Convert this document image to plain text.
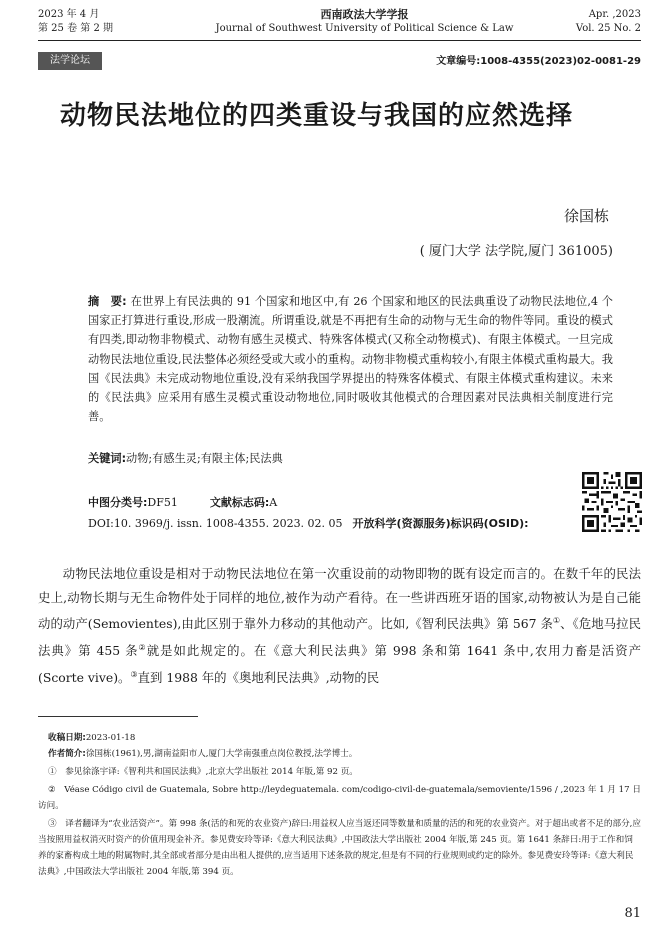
2023 年 4 月
第 25 卷 第 2 期
西南政法大学学报
Journal of Southwest University of Political Science & Law
Apr. ,2023
Vol. 25 No. 2
法学论坛	文章编号:1008-4355(2023)02-0081-29
动物民法地位的四类重设与我国的应然选择
徐国栋
( 厦门大学 法学院,厦门 361005)
摘　要: 在世界上有民法典的 91 个国家和地区中,有 26 个国家和地区的民法典重设了动物民法地位,4 个国家正打算进行重设,形成一股潮流。所谓重设,就是不再把有生命的动物与无生命的物件等同。重设的模式有四类,即动物非物模式、动物有感生灵模式、特殊客体模式(又称全动物模式)、有限主体模式。一旦完成动物民法地位重设,民法整体必须经受或大或小的重构。动物非物模式重构较小,有限主体模式重构最大。我国《民法典》未完成动物地位重设,没有采纳我国学界提出的特殊客体模式、有限主体模式重构建议。未来的《民法典》应采用有感生灵模式重设动物地位,同时吸收其他模式的合理因素对民法典相关制度进行完善。
关键词:动物;有感生灵;有限主体;民法典
中图分类号:DF51	文献标志码:A
DOI:10. 3969/j. issn. 1008-4355. 2023. 02. 05 开放科学(资源服务)标识码(OSID):
动物民法地位重设是相对于动物民法地位在第一次重设前的动物即物的既有设定而言的。在数千年的民法史上,动物长期与无生命物件处于同样的地位,被作为动产看待。在一些讲西班牙语的国家,动物被认为是自己能动的动产(Semovientes),由此区别于靠外力移动的其他动产。比如,《智利民法典》第 567 条①、《危地马拉民法典》第 455 条②就是如此规定的。在《意大利民法典》第 998 条和第 1641 条中,农用力畜是活资产(Scorte vive)。③直到 1988 年的《奥地利民法典》,动物的民

收稿日期:2023-01-18

作者简介:徐国栋(1961),男,湖南益阳市人,厦门大学南强重点岗位教授,法学博士。

①　参见徐涤宇译:《智利共和国民法典》,北京大学出版社 2014 年版,第 92 页。

②　Véase Código civil de Guatemala, Sobre http://leydeguatemala. com/codigo-civil-de-guatemala/semoviente/1596 / ,2023 年 1 月 17 日访问。

③　译者翻译为“农业活资产”。第 998 条(活的和死的农业资产)辞曰:用益权人应当返还同等数量和质量的活的和死的农业资产。对于超出或者不足的部分,应当按照用益权消灭时资产的价值用现金补齐。参见费安玲等译:《意大利民法典》,中国政法大学出版社 2004 年版,第 245 页。第 1641 条辞曰:用于工作和饲养的家畜构成土地的附属物时,其全部或者部分是由出租人提供的,应当适用下述条款的规定,但是有不同的行业规则或约定的除外。参见费安玲等译:《意大利民法典》,中国政法大学出版社 2004 年版,第 394 页。

81
